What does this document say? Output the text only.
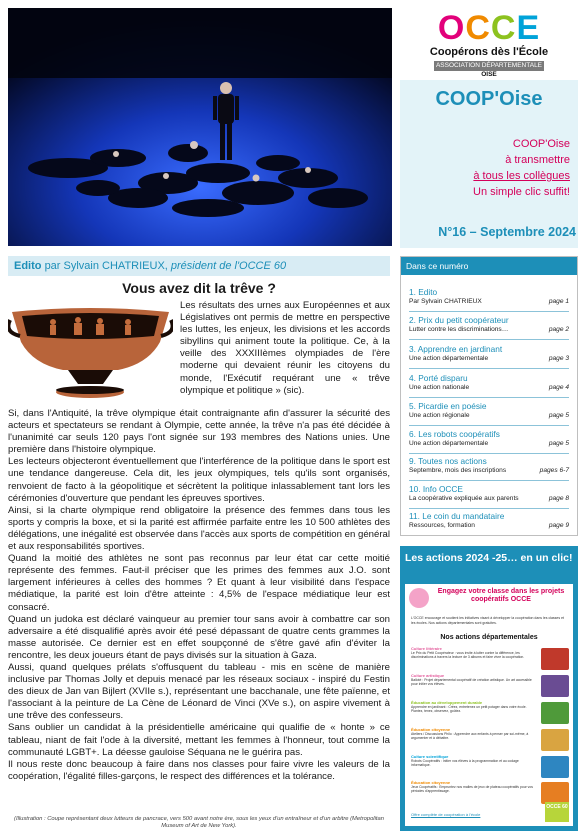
OCCE
Coopérons dès l'École
ASSOCIATION DÉPARTEMENTALE
OISE
COOP'Oise
COOP'Oise
à transmettre
à tous les collègues
Un simple clic suffit!
N°16 – Septembre 2024
Edito par Sylvain CHATRIEUX, président de l'OCCE 60
Vous avez dit la trêve ?

Les résultats des urnes aux Européennes et aux Législatives ont permis de mettre en perspective les luttes, les enjeux, les divisions et les accords sibyllins qui animent toute la politique. Ce, à la veille des XXXIIIèmes olympiades de l'ère moderne qui devaient réunir les citoyens du monde, l'Exécutif requérant une « trêve olympique et politique » (sic).

Si, dans l'Antiquité, la trêve olympique était contraignante afin d'assurer la sécurité des acteurs et spectateurs se rendant à Olympie, cette année, la trêve n'a pas été décidée à l'unanimité car seuls 120 pays l'ont signée sur 193 membres des Nations unies. Une première dans l'histoire olympique.

Les lecteurs objecteront éventuellement que l'interférence de la politique dans le sport est une tendance dangereuse. Cela dit, les jeux olympiques, tels qu'ils sont organisés, renvoient de facto à la géopolitique et sécrètent la politique inlassablement tant lors les cérémonies d'ouverture que pendant les épreuves sportives.

Ainsi, si la charte olympique rend obligatoire la présence des femmes dans tous les sports y compris la boxe, et si la parité est affirmée parfaite entre les 10 500 athlètes des délégations, une inégalité est observée dans l'accès aux sports de compétition en général et aux responsabilités sportives.

Quand la moitié des athlètes ne sont pas reconnus par leur état car cette moitié représente des femmes. Faut-il préciser que les primes des femmes aux J.O. sont largement inférieures à celles des hommes ? Et quant à leur visibilité dans l'espace médiatique, la parité est loin d'être atteinte : 4,5% de l'espace médiatique leur est consacré.

Quand un judoka est déclaré vainqueur au premier tour sans avoir à combattre car son adversaire a été disqualifié après avoir été pesé dépassant de quatre cents grammes la masse autorisée. Ce dernier est en effet soupçonné de s'être gavé afin d'éviter la rencontre, les deux joueurs étant de pays divisés sur la situation à Gaza.

Aussi, quand quelques prélats s'offusquent du tableau - mis en scène de manière inclusive par Thomas Jolly et depuis menacé par les réseaux sociaux - inspiré du Festin des dieux de Jan van Bijlert (XVIIe s.), représentant une bacchanale, une fête païenne, et l'associant à la peinture de La Cène de Léonard de Vinci (XVe s.), on aspire vivement à une trêve des confesseurs.

Sans oublier un candidat à la présidentielle américaine qui qualifie de « honte » ce tableau, niant de fait l'ode à la diversité, mettant les femmes à l'honneur, tout comme la communauté LGBT+. La déesse gauloise Séquana ne le guérira pas.

Il nous reste donc beaucoup à faire dans nos classes pour faire vivre les valeurs de la coopération, l'égalité filles-garçons, le respect des différences et la tolérance.

(Illustration : Coupe représentant deux lutteurs de pancrace, vers 500 avant notre ère, sous les yeux d'un entraîneur et d'un arbitre (Metropolitan Museum of Art de New York).
Dans ce numéro
1. Edito
Par Sylvain CHATRIEUX	page 1
2. Prix du petit coopérateur
Lutter contre les discriminations…	page 2
3. Apprendre en jardinant
Une action départementale	page 3
4. Porté disparu
Une action nationale	page 4
5. Picardie en poésie
Une action régionale	page 5
6. Les robots coopératifs
Une action départementale	page 5
9. Toutes nos actions
Septembre, mois des inscriptions	pages 6-7
10. Info OCCE
La coopérative expliquée aux parents	page 8
11. Le coin du mandataire
Ressources, formation	page 9
Les actions 2024 -25… en un clic!
Engagez votre classe dans les projets coopératifs OCCE
L'OCCE encourage et soutient les initiatives visant à développer la coopération dans les classes et les écoles. Nos actions départementales sont gratuites.
Nos actions départementales
Culture littéraire
Le Prix du Petit Coopérateur : vous invite à lutter contre la différence, les discriminations à travers la lecture de 3 albums et faire vivre la coopération.
Culture artistique
Balloté : Projet départemental coopératif de création artistique. Un art accessible pour initier vos élèves.
Éducation au développement durable
Apprendre en jardinant : Créez, entretenez un petit potager dans votre école. Plantez, tenez, observez, goûtez.
Éducation citoyenne
Ateliers / Discussions Philo : Apprendre aux enfants à penser par soi-même, à argumenter et à débattre.
Culture scientifique
Robots Coopératifs : Initier vos élèves à la programmation et au codage informatique.
Éducation citoyenne
Jeux Coopératifs : Empruntez nos malles de jeux de plateau coopératifs pour vos périodes d'apprentissage.
Offre complète de coopération à l'école
OCCE 60
